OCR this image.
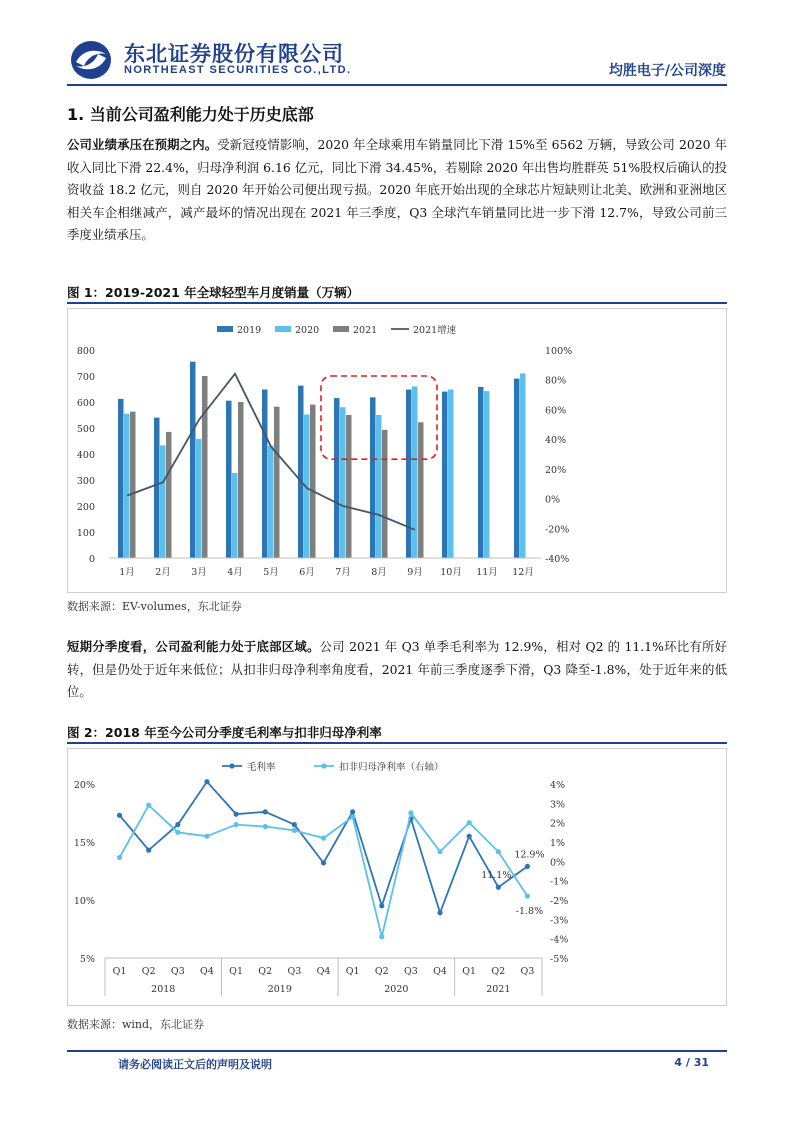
东北证券股份有限公司
NORTHEAST SECURITIES CO.,LTD.	均胜电子/公司深度
1. 当前公司盈利能力处于历史底部
公司业绩承压在预期之内。受新冠疫情影响，2020 年全球乘用车销量同比下滑 15%至 6562 万辆，导致公司 2020 年收入同比下滑 22.4%，归母净利润 6.16 亿元，同比下滑 34.45%，若剔除 2020 年出售均胜群英 51%股权后确认的投资收益 18.2 亿元，则自 2020 年开始公司便出现亏损。2020 年底开始出现的全球芯片短缺则让北美、欧洲和亚洲地区相关车企相继减产，减产最坏的情况出现在 2021 年三季度，Q3 全球汽车销量同比进一步下滑 12.7%，导致公司前三季度业绩承压。
图 1：2019-2021 年全球轻型车月度销量（万辆）
0
100
200
300
400
500
600
700
800
-40%
-20%
0%
20%
40%
60%
80%
100%
1月 2月 3月 4月 5月 6月 7月 8月 9月 10月 11月 12月
2019	2020	2021	2021增速
数据来源：EV-volumes，东北证券
短期分季度看，公司盈利能力处于底部区域。公司 2021 年 Q3 单季毛利率为 12.9%，相对 Q2 的 11.1%环比有所好转，但是仍处于近年来低位；从扣非归母净利率角度看，2021 年前三季度逐季下滑，Q3 降至-1.8%，处于近年来的低位。
图 2：2018 年至今公司分季度毛利率与扣非归母净利率
5%
10%
15%
20%
-5%
-4%
-3%
-2%
-1%
0%
1%
2%
3%
4%
Q1 Q2 Q3 Q4 Q1 Q2 Q3 Q4 Q1 Q2 Q3 Q4 Q1 Q2 Q3
2018	2019	2020	2021
12.9%
11.1%
-1.8%
毛利率	扣非归母净利率（右轴）
数据来源：wind，东北证券
请务必阅读正文后的声明及说明	4 / 31
